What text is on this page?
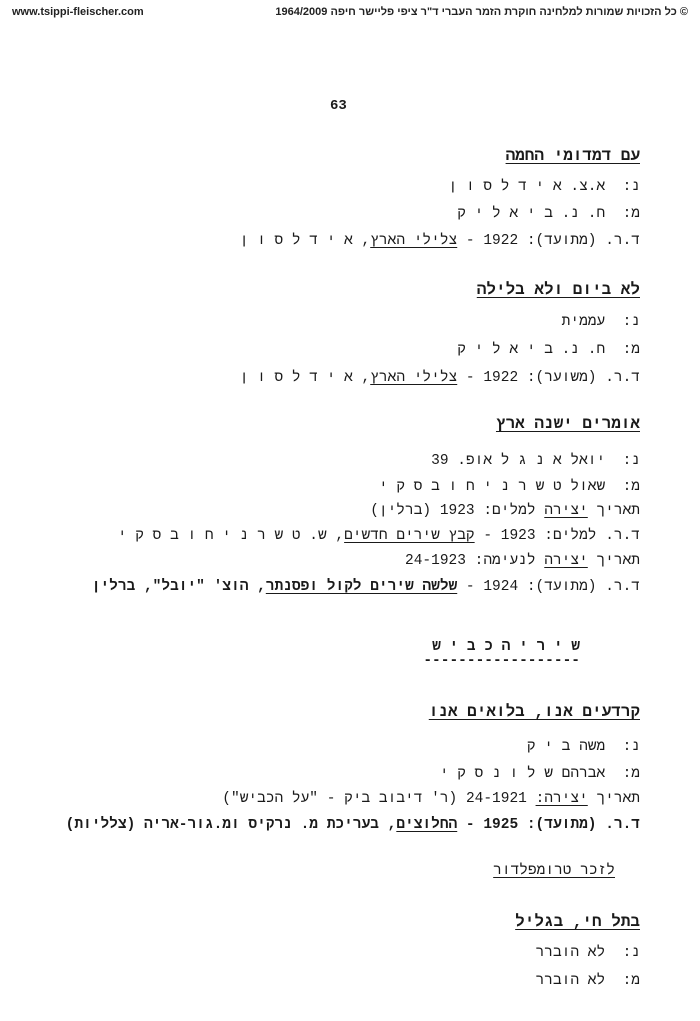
www.tsippi-fleischer.com	© כל הזכויות שמורות למלחינה חוקרת הזמר העברי ד"ר ציפי פליישר חיפה 1964/2009
63
עם דמדומי החמה
נ:  א.צ. א י ד ל ס ו ן
מ:  ח. נ. ב י א ל י ק
ד.ר. (מתועד): 1922 - צלילי הארץ, א י ד ל ס ו ן
לא ביום ולא בלילה
נ:  עממית
מ:  ח. נ. ב י א ל י ק
ד.ר. (משוער): 1922 - צלילי הארץ, א י ד ל ס ו ן
אומרים ישנה ארץ
נ:  יואל א נ ג ל אופ. 39
מ:  שאול ט ש ר נ י ח ו ב ס ק י
תאריך יצירה למלים: 1923 (ברלין)
ד.ר. למלים: 1923 - קבץ שירים חדשים, ש. ט ש ר נ י ח ו ב ס ק י
תאריך יצירה לנעימה: 24-1923
ד.ר. (מתועד): 1924 - שלשה שירים לקול ופסנתר, הוצ' "יובל", ברלין
ש י ר י ה כ ב י ש
------------------
קרדעים אנו, בלואים אנו
נ:  משה ב י ק
מ:  אברהם ש ל ו נ ס ק י
תאריך יצירה: 24-1921 (ר' דיבוב ביק - "על הכביש")
ד.ר. (מתועד): 1925 - החלוצים, בעריכת מ. נרקיס ומ.גור-אריה (צלליות)
לזכר טרומפלדור
בתל חי, בגליל
נ:  לא הוברר
מ:  לא הוברר
